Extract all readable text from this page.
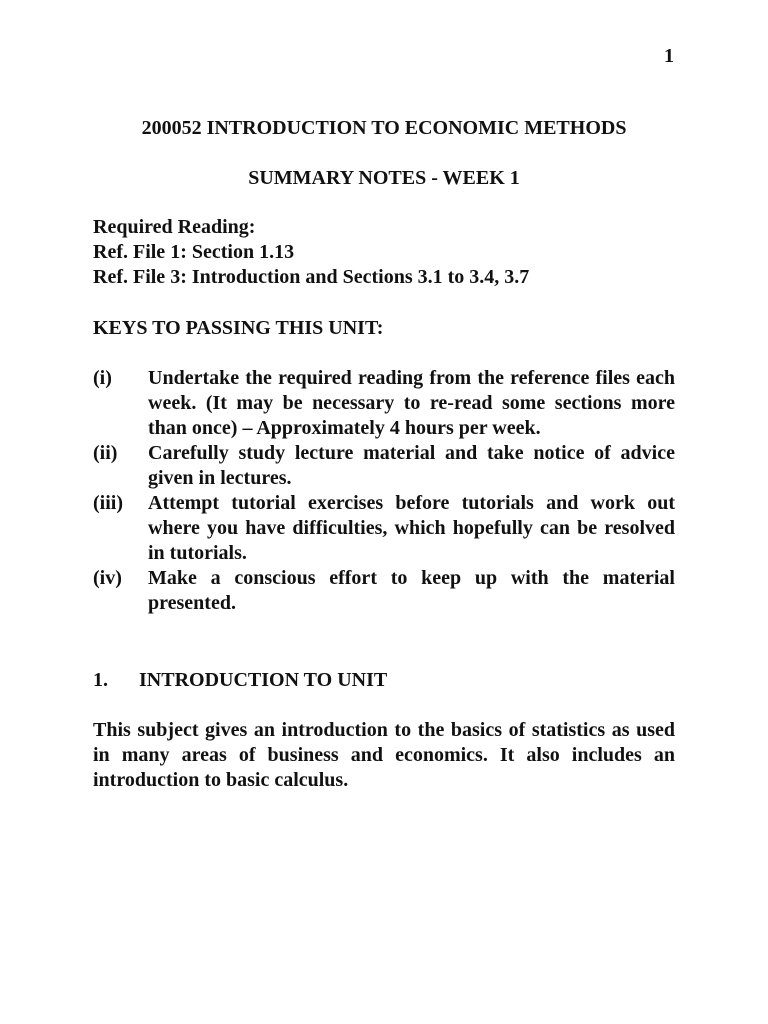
1
200052 INTRODUCTION TO ECONOMIC METHODS
SUMMARY NOTES - WEEK 1
Required Reading:
Ref. File 1: Section 1.13
Ref. File 3: Introduction and Sections 3.1 to 3.4, 3.7
KEYS TO PASSING THIS UNIT:
(i)	Undertake the required reading from the reference files each week. (It may be necessary to re-read some sections more than once) – Approximately 4 hours per week.
(ii)	Carefully study lecture material and take notice of advice given in lectures.
(iii)	Attempt tutorial exercises before tutorials and work out where you have difficulties, which hopefully can be resolved in tutorials.
(iv)	Make a conscious effort to keep up with the material presented.
1.	INTRODUCTION TO UNIT
This subject gives an introduction to the basics of statistics as used in many areas of business and economics. It also includes an introduction to basic calculus.
